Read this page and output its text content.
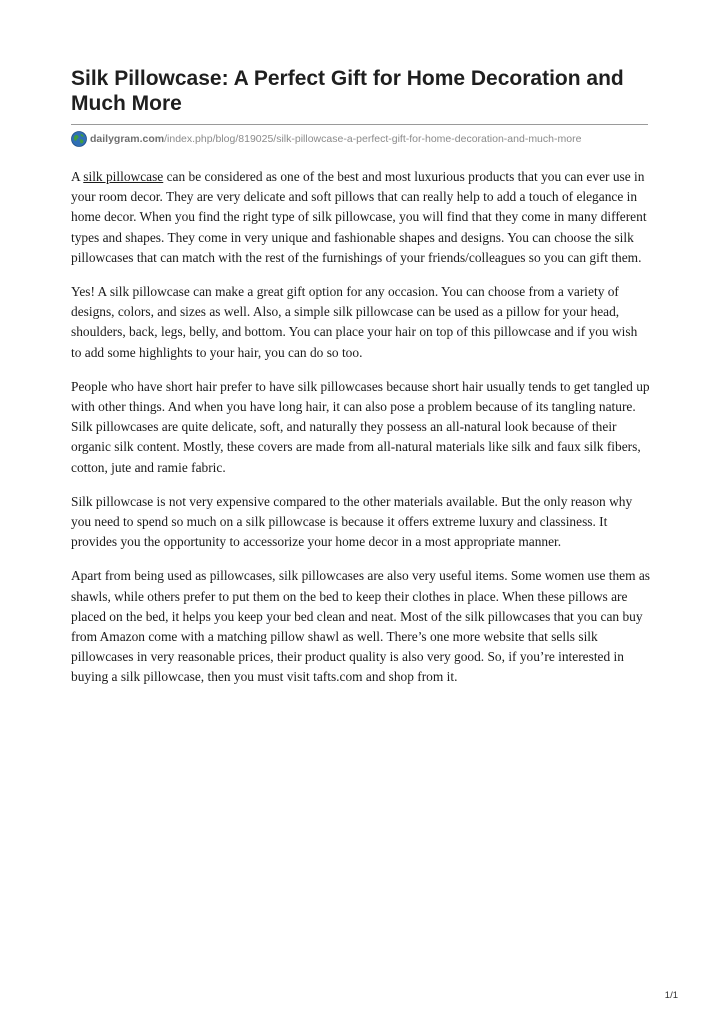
Silk Pillowcase: A Perfect Gift for Home Decoration and Much More
dailygram.com /index.php/blog/819025/silk-pillowcase-a-perfect-gift-for-home-decoration-and-much-more

A silk pillowcase can be considered as one of the best and most luxurious products that you can ever use in your room decor. They are very delicate and soft pillows that can really help to add a touch of elegance in home decor. When you find the right type of silk pillowcase, you will find that they come in many different types and shapes. They come in very unique and fashionable shapes and designs. You can choose the silk pillowcases that can match with the rest of the furnishings of your friends/colleagues so you can gift them.

Yes! A silk pillowcase can make a great gift option for any occasion. You can choose from a variety of designs, colors, and sizes as well. Also, a simple silk pillowcase can be used as a pillow for your head, shoulders, back, legs, belly, and bottom. You can place your hair on top of this pillowcase and if you wish to add some highlights to your hair, you can do so too.

People who have short hair prefer to have silk pillowcases because short hair usually tends to get tangled up with other things. And when you have long hair, it can also pose a problem because of its tangling nature. Silk pillowcases are quite delicate, soft, and naturally they possess an all-natural look because of their organic silk content. Mostly, these covers are made from all-natural materials like silk and faux silk fibers, cotton, jute and ramie fabric.

Silk pillowcase is not very expensive compared to the other materials available. But the only reason why you need to spend so much on a silk pillowcase is because it offers extreme luxury and classiness. It provides you the opportunity to accessorize your home decor in a most appropriate manner.

Apart from being used as pillowcases, silk pillowcases are also very useful items. Some women use them as shawls, while others prefer to put them on the bed to keep their clothes in place. When these pillows are placed on the bed, it helps you keep your bed clean and neat. Most of the silk pillowcases that you can buy from Amazon come with a matching pillow shawl as well. There’s one more website that sells silk pillowcases in very reasonable prices, their product quality is also very good. So, if you’re interested in buying a silk pillowcase, then you must visit tafts.com and shop from it.

1/1
